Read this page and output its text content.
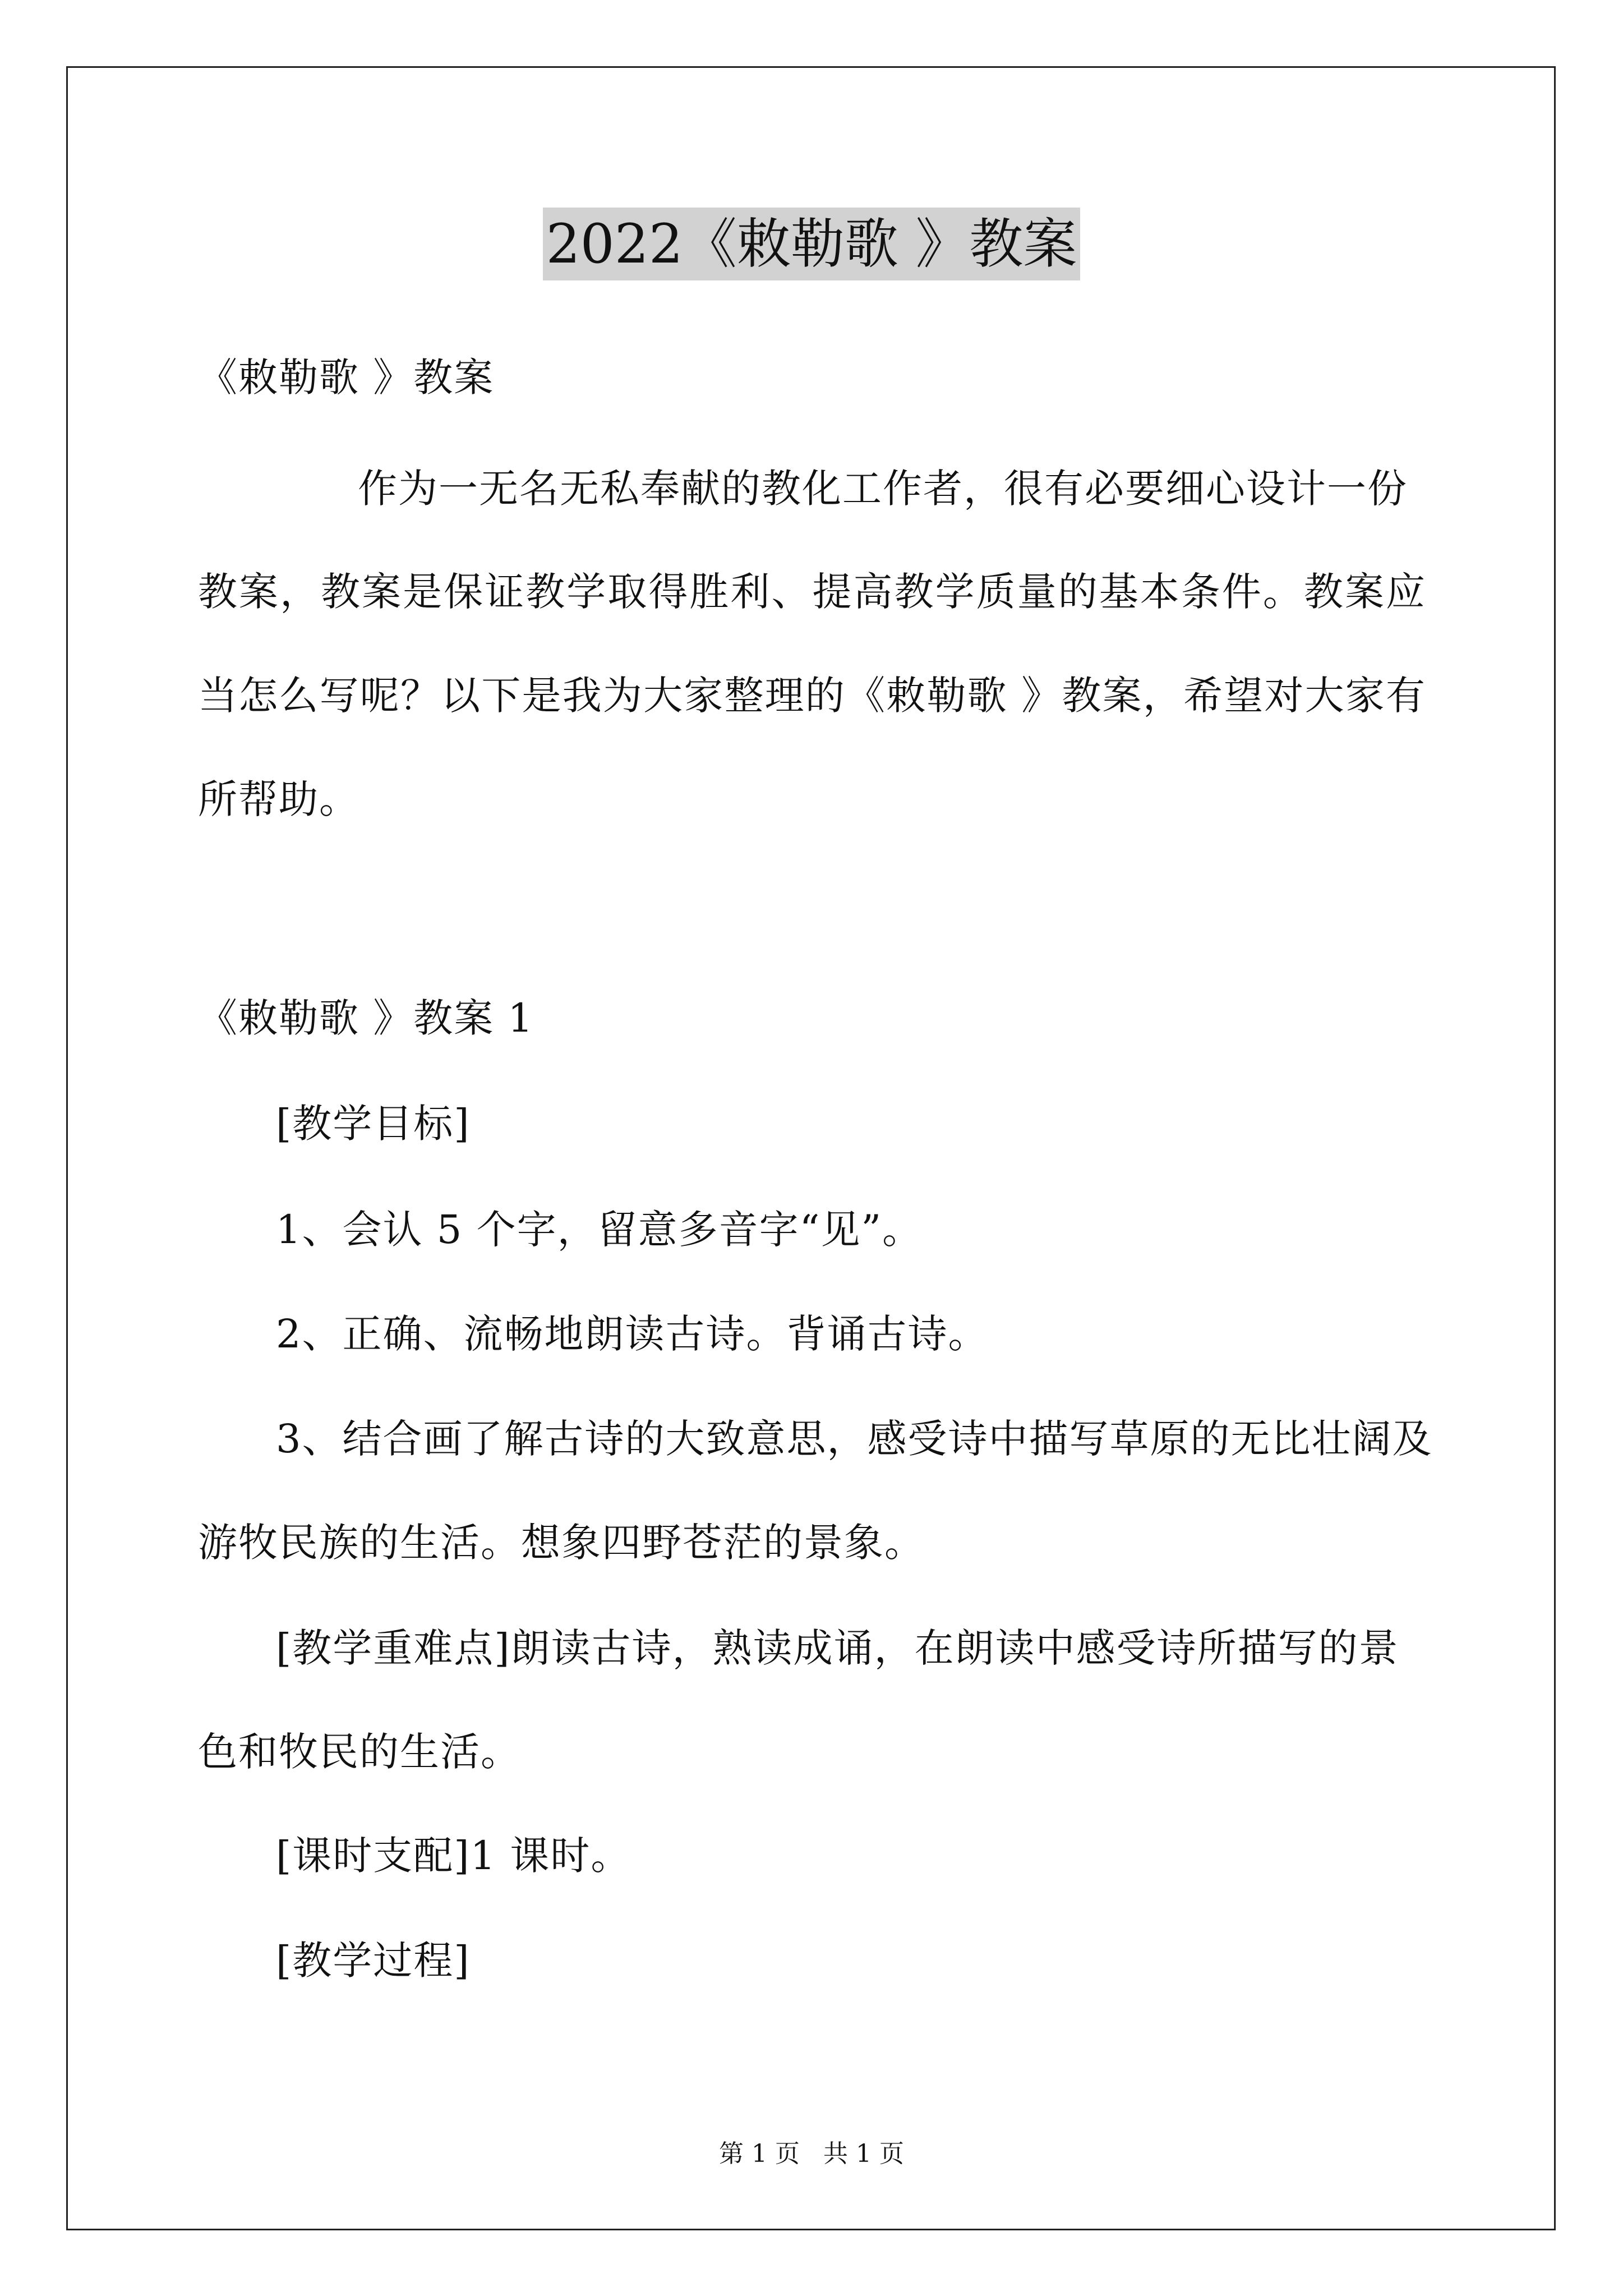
2022《敕勒歌 》教案
《敕勒歌 》教案
作为一无名无私奉献的教化工作者，很有必要细心设计一份
教案，教案是保证教学取得胜利、提高教学质量的基本条件。教案应
当怎么写呢？以下是我为大家整理的《敕勒歌 》教案，希望对大家有
所帮助。
《敕勒歌 》教案 1
[教学目标]
1、会认 5 个字，留意多音字“见”。
2、正确、流畅地朗读古诗。背诵古诗。
3、结合画了解古诗的大致意思，感受诗中描写草原的无比壮阔及
游牧民族的生活。想象四野苍茫的景象。
[教学重难点]朗读古诗，熟读成诵，在朗读中感受诗所描写的景
色和牧民的生活。
[课时支配]1 课时。
[教学过程]
第 1 页 共 1 页
